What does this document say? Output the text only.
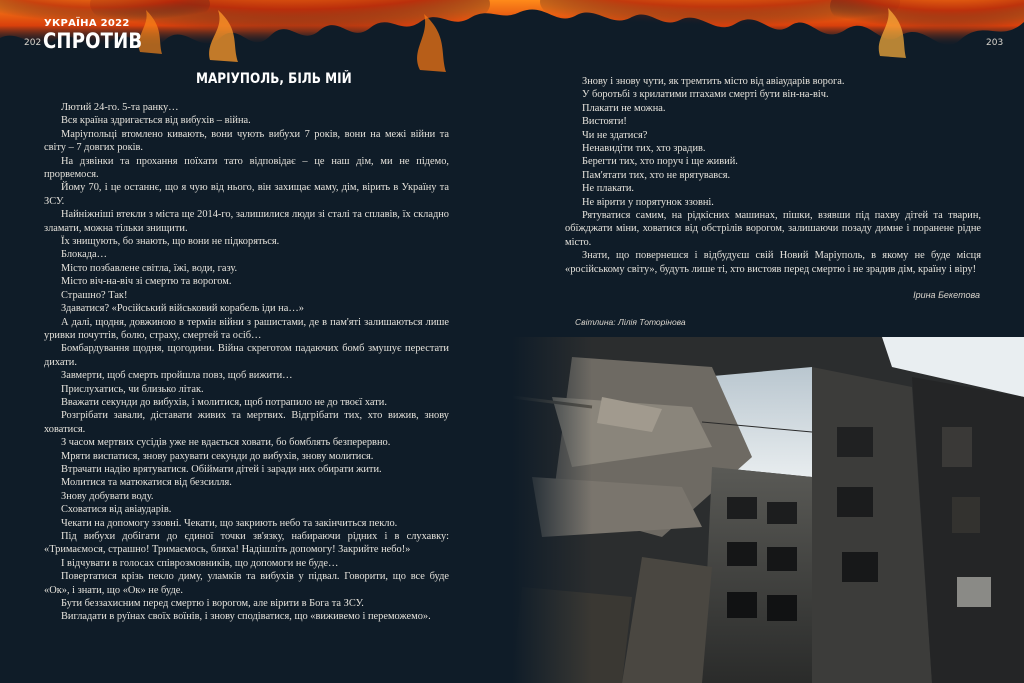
202	203
УКРАЇНА 2022
СПРОТИВ
МАРІУПОЛЬ, БІЛЬ МІЙ

Лютий 24-го. 5-та ранку…

Вся країна здригається від вибухів – війна.

Маріупольці втомлено кивають, вони чують вибухи 7 років, вони на межі війни та світу – 7 довгих років.

На дзвінки та прохання поїхати тато відповідає – це наш дім, ми не підемо, прорвемося.

Йому 70, і це останнє, що я чую від нього, він захищає маму, дім, вірить в Україну та ЗСУ.

Найніжніші втекли з міста ще 2014-го, залишилися люди зі сталі та сплавів, їх складно зламати, можна тільки знищити.

Їх знищують, бо знають, що вони не підкоряться.

Блокада…

Місто позбавлене світла, їжі, води, газу.

Місто віч-на-віч зі смертю та ворогом.

Страшно? Так!

Здаватися? «Російський військовий корабель іди на…»

А далі, щодня, довжиною в термін війни з рашистами, де в пам'яті залишаються лише уривки почуттів, болю, страху, смертей та осіб…

Бомбардування щодня, щогодини. Війна скреготом падаючих бомб змушує перестати дихати.

Завмерти, щоб смерть пройшла повз, щоб вижити…

Прислухатись, чи близько літак.

Вважати секунди до вибухів, і молитися, щоб потрапило не до твоєї хати.

Розгрібати завали, діставати живих та мертвих. Відгрібати тих, хто вижив, знову ховатися.

З часом мертвих сусідів уже не вдається ховати, бо бомблять безперервно.

Мряти виспатися, знову рахувати секунди до вибухів, знову молитися.

Втрачати надію врятуватися. Обіймати дітей і заради них обирати жити.

Молитися та матюкатися від безсилля.

Знову добувати воду.

Сховатися від авіаударів.

Чекати на допомогу ззовні. Чекати, що закриють небо та закінчиться пекло.

Під вибухи добігати до єдиної точки зв'язку, набираючи рідних і в слухавку: «Тримаємося, страшно! Тримаємось, бляха! Надішліть допомогу! Закрийте небо!»

І відчувати в голосах співрозмовників, що допомоги не буде…

Повертатися крізь пекло диму, уламків та вибухів у підвал. Говорити, що все буде «Ок», і знати, що «Ок» не буде.

Бути беззахисним перед смертю і ворогом, але вірити в Бога та ЗСУ.

Вигладати в руїнах своїх воїнів, і знову сподіватися, що «виживемо і переможемо».

Знову і знову чути, як тремтить місто від авіаударів ворога.

У боротьбі з крилатими птахами смерті бути він-на-віч.

Плакати не можна.

Вистояти!

Чи не здатися?

Ненавидіти тих, хто зрадив.

Берегти тих, хто поруч і ще живий.

Пам'ятати тих, хто не врятувався.

Не плакати.

Не вірити у порятунок ззовні.

Рятуватися самим, на рідкісних машинах, пішки, взявши під пахву дітей та тварин, обїжджати міни, ховатися від обстрілів ворогом, залишаючи позаду димне і поранене рідне місто.

Знати, що повернешся і відбудуєш свій Новий Маріуполь, в якому не буде місця «російському світу», будуть лише ті, хто вистояв перед смертю і не зрадив дім, країну і віру!

Ірина Бекетова
Світлина: Лілія Тоторінова
